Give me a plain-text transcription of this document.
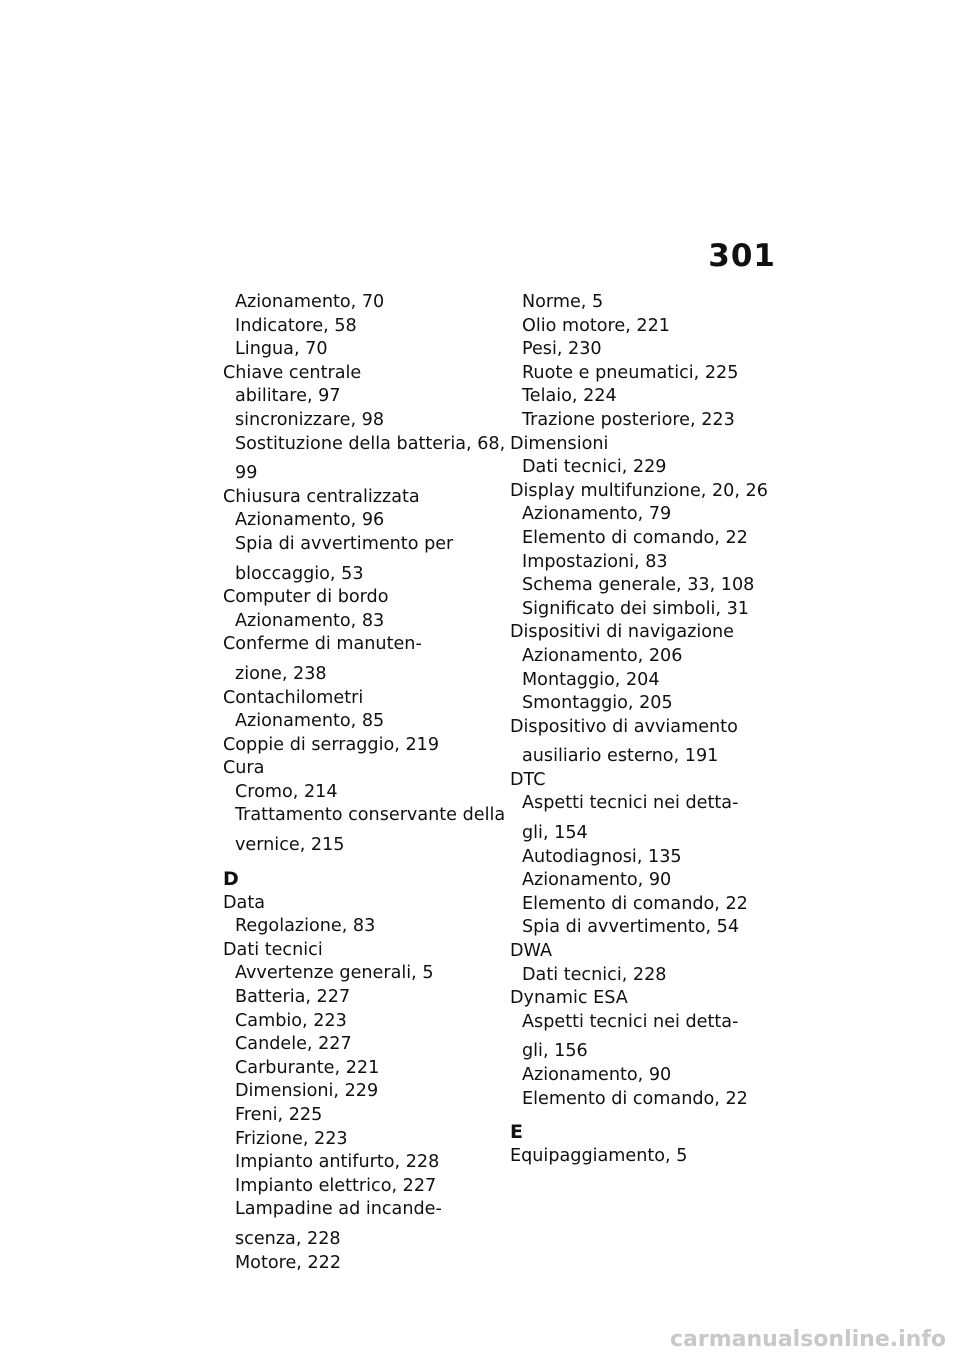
301
Azionamento, 70
Indicatore, 58
Lingua, 70
Chiave centrale
abilitare, 97
sincronizzare, 98
Sostituzione della batteria, 68,
99
Chiusura centralizzata
Azionamento, 96
Spia di avvertimento per
bloccaggio, 53
Computer di bordo
Azionamento, 83
Conferme di manuten-
zione, 238
Contachilometri
Azionamento, 85
Coppie di serraggio, 219
Cura
Cromo, 214
Trattamento conservante della
vernice, 215
D
Data
Regolazione, 83
Dati tecnici
Avvertenze generali, 5
Batteria, 227
Cambio, 223
Candele, 227
Carburante, 221
Dimensioni, 229
Freni, 225
Frizione, 223
Impianto antifurto, 228
Impianto elettrico, 227
Lampadine ad incande-
scenza, 228
Motore, 222
Norme, 5
Olio motore, 221
Pesi, 230
Ruote e pneumatici, 225
Telaio, 224
Trazione posteriore, 223
Dimensioni
Dati tecnici, 229
Display multifunzione, 20, 26
Azionamento, 79
Elemento di comando, 22
Impostazioni, 83
Schema generale, 33, 108
Significato dei simboli, 31
Dispositivi di navigazione
Azionamento, 206
Montaggio, 204
Smontaggio, 205
Dispositivo di avviamento
ausiliario esterno, 191
DTC
Aspetti tecnici nei detta-
gli, 154
Autodiagnosi, 135
Azionamento, 90
Elemento di comando, 22
Spia di avvertimento, 54
DWA
Dati tecnici, 228
Dynamic ESA
Aspetti tecnici nei detta-
gli, 156
Azionamento, 90
Elemento di comando, 22
E
Equipaggiamento, 5
carmanualsonline.info
